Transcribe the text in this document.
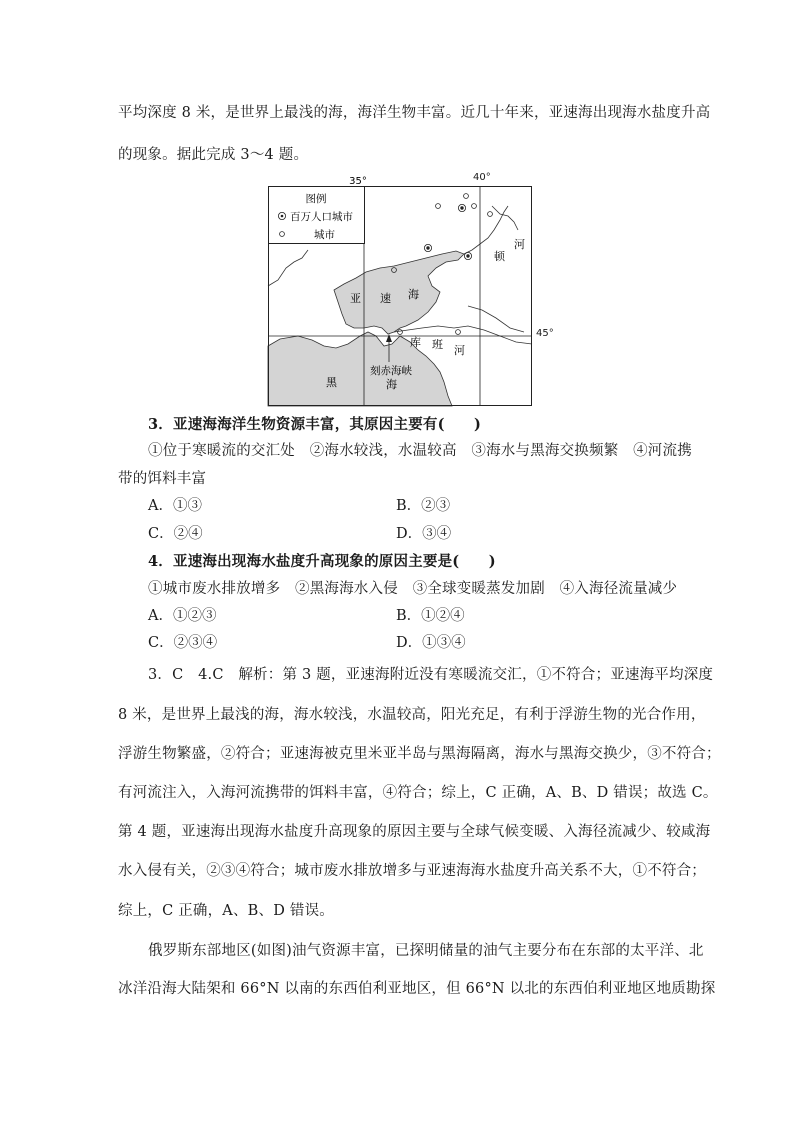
平均深度 8 米，是世界上最浅的海，海洋生物丰富。近几十年来，亚速海出现海水盐度升高
的现象。据此完成 3～4 题。
图例
百万人口城市
城市
35°
亚 速 海
顿
河
库 班 河
刻赤海峡
黑	海
40°
45°
3．亚速海海洋生物资源丰富，其原因主要有(　　)
①位于寒暖流的交汇处　②海水较浅，水温较高　③海水与黑海交换频繁　④河流携
带的饵料丰富
A．①③	B．②③
C．②④	D．③④
4．亚速海出现海水盐度升高现象的原因主要是(　　)
①城市废水排放增多　②黑海海水入侵　③全球变暖蒸发加剧　④入海径流量减少
A．①②③	B．①②④
C．②③④	D．①③④
3．C　4.C　解析：第 3 题，亚速海附近没有寒暖流交汇，①不符合；亚速海平均深度
8 米，是世界上最浅的海，海水较浅，水温较高，阳光充足，有利于浮游生物的光合作用，
浮游生物繁盛，②符合；亚速海被克里米亚半岛与黑海隔离，海水与黑海交换少，③不符合；
有河流注入，入海河流携带的饵料丰富，④符合；综上，C 正确，A、B、D 错误；故选 C。
第 4 题，亚速海出现海水盐度升高现象的原因主要与全球气候变暖、入海径流减少、较咸海
水入侵有关，②③④符合；城市废水排放增多与亚速海海水盐度升高关系不大，①不符合；
综上，C 正确，A、B、D 错误。
俄罗斯东部地区(如图)油气资源丰富，已探明储量的油气主要分布在东部的太平洋、北
冰洋沿海大陆架和 66°N 以南的东西伯利亚地区，但 66°N 以北的东西伯利亚地区地质勘探
